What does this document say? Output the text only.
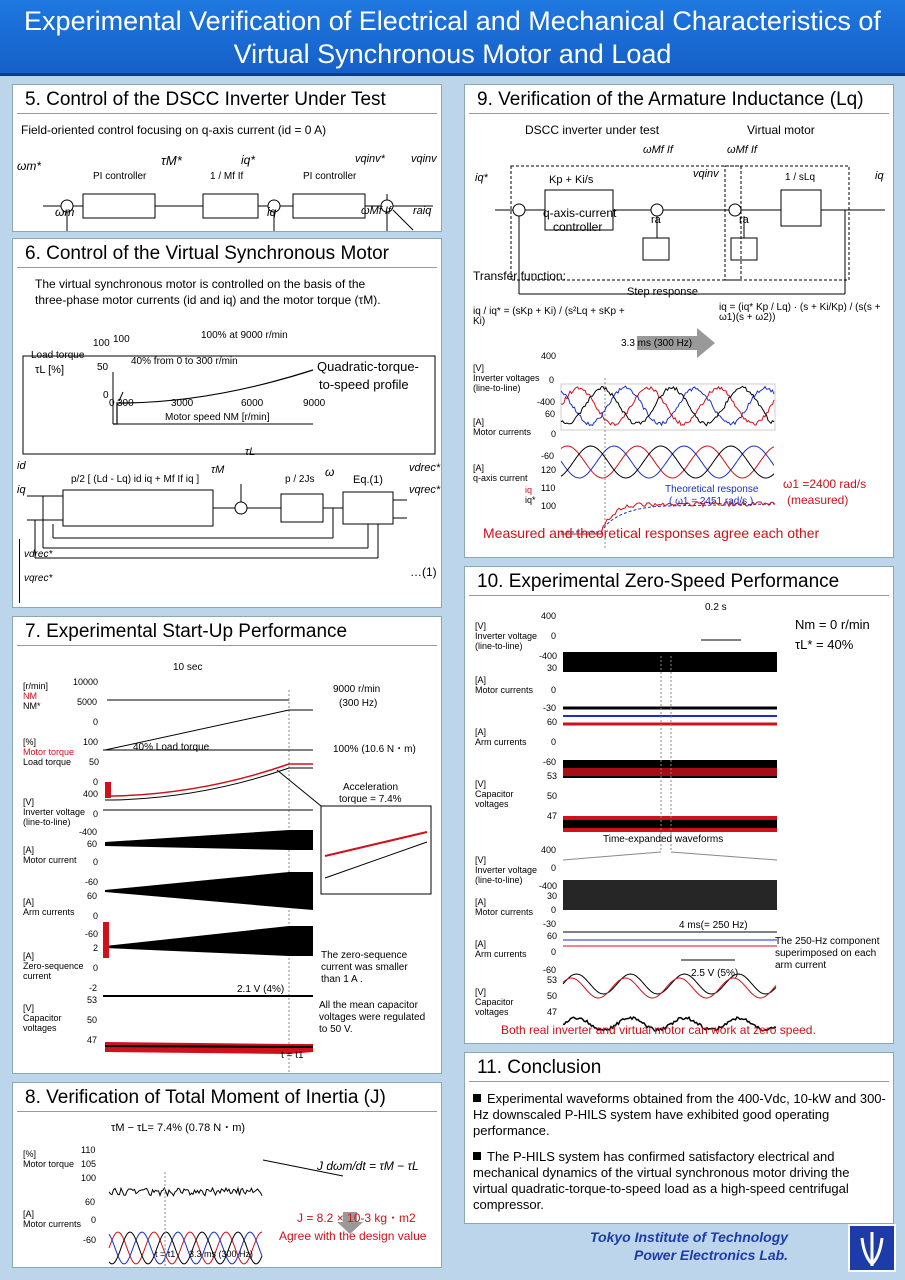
Experimental Verification of Electrical and Mechanical Characteristics of
Virtual Synchronous Motor and Load
5. Control of the DSCC Inverter Under Test
Field-oriented control focusing on q-axis current (id = 0 A)
PI controller	1 / Mf If	PI controller
ωm*
ωm
τM*	iq*
iq
vqinv* vqinv
ωMf If raiq
6. Control of the Virtual Synchronous Motor
The virtual synchronous motor is controlled on the basis of the
three-phase motor currents (id and iq) and the motor torque (τM).
100
100
50
0
0 300	3000	6000	9000
Motor speed NM [r/min]
Load torque
τL [%]
100% at 9000 r/min
40% from 0 to 300 r/min	Quadratic-torque-
to-speed profile
p/2 [ (Ld - Lq) id iq + Mf If iq ]	p / 2Js	Eq.(1)
ω
τM
τL
vdrec*
vqrec*
id
iq
vdrec*
vqrec*	…(1)
7. Experimental Start-Up Performance
10 sec
9000 r/min
(300 Hz)
100% (10.6 N・m)
40% Load torque
Acceleration
torque = 7.4%
The zero-sequence
current was smaller
than 1 A .
All the mean capacitor
voltages were regulated
to 50 V.
2.1 V (4%)
t = t1
[r/min]
NM
NM*
[%]
Motor torque
Load torque
[V]
Inverter voltage
(line-to-line)
[A]
Motor current
[A]
Arm currents
[A]
Zero-sequence
current
[V]
Capacitor
voltages
10000
5000
0
100
50
0
400
0
-400
60
0
-60
60
0
-60
2
0
-2
53
50
47
8. Verification of Total Moment of Inertia (J)
τM − τL= 7.4% (0.78 N・m)
[%]
Motor torque
[A]
Motor currents
110
105
100
60
0
-60
J dωm/dt = τM − τL
J = 8.2 × 10-3 kg・m2
Agree with the design value
t = t1 3.3 ms (300 Hz)
9. Verification of the Armature Inductance (Lq)
DSCC inverter under test	Virtual motor
Kp + Ki/s
q-axis-current
controller	ra	ra
ωMf If	ωMf If
1 / sLq
iq*	iq
vqinv
Transfer function:
Step response
iq / iq* = (sKp + Ki) / (s²Lq + sKp + Ki)
iq = (iq* Kp / Lq) · (s + Ki/Kp) / (s(s + ω1)(s + ω2))
3.3 ms (300 Hz)
[V]
Inverter voltages
(line-to-line)
[A]
Motor currents
[A]
q-axis current
iq
iq*
400
0
-400
60
0
-60
120
110
100
Theoretical response
( ω1 = 2451 rad/s )
ω1 =2400 rad/s
(measured)
Measured and theoretical responses agree each other
10. Experimental Zero-Speed Performance
0.2 s
Nm = 0 r/min
τL* = 40%
Time-expanded waveforms
4 ms(= 250 Hz)
2.5 V (5%)
The 250-Hz component
superimposed on each
arm current
Both real inverter and virtual motor can work at zero speed.
[V]
Inverter voltage
(line-to-line)
[A]
Motor currents
[A]
Arm currents
[V]
Capacitor
voltages
400
0
-400
30
0
-30
60
0
-60
53
50
47
[V]
Inverter voltage
(line-to-line)
[A]
Motor currents
[A]
Arm currents
[V]
Capacitor
voltages
400
0
-400
30
0
-30
60
0
-60
53
50
47
11. Conclusion
Experimental waveforms obtained from the 400-Vdc, 10-kW and 300-Hz downscaled P-HILS system have exhibited good operating performance.
The P-HILS system has confirmed satisfactory electrical and mechanical dynamics of the virtual synchronous motor driving the virtual quadratic-torque-to-speed load as a high-speed centrifugal compressor.
Tokyo Institute of Technology
Power Electronics Lab.
